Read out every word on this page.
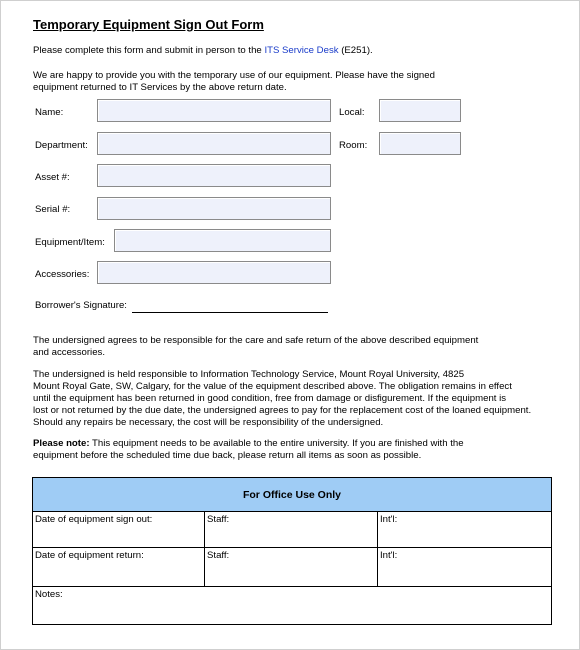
Temporary Equipment Sign Out Form
Please complete this form and submit in person to the ITS Service Desk (E251).
We are happy to provide you with the temporary use of our equipment. Please have the signed
equipment returned to IT Services by the above return date.
Name:	Local:
Department:	Room:
Asset #:
Serial #:
Equipment/Item:
Accessories:
Borrower's Signature:
The undersigned agrees to be responsible for the care and safe return of the above described equipment
and accessories.
The undersigned is held responsible to Information Technology Service, Mount Royal University, 4825
Mount Royal Gate, SW, Calgary, for the value of the equipment described above. The obligation remains in effect
until the equipment has been returned in good condition, free from damage or disfigurement. If the equipment is
lost or not returned by the due date, the undersigned agrees to pay for the replacement cost of the loaned equipment.
Should any repairs be necessary, the cost will be responsibility of the undersigned.
Please note: This equipment needs to be available to the entire university. If you are finished with the
equipment before the scheduled time due back, please return all items as soon as possible.
For Office Use Only		
Date of equipment sign out:	Staff:	Int'l:
Date of equipment return:	Staff:	Int'l:
Notes:		
